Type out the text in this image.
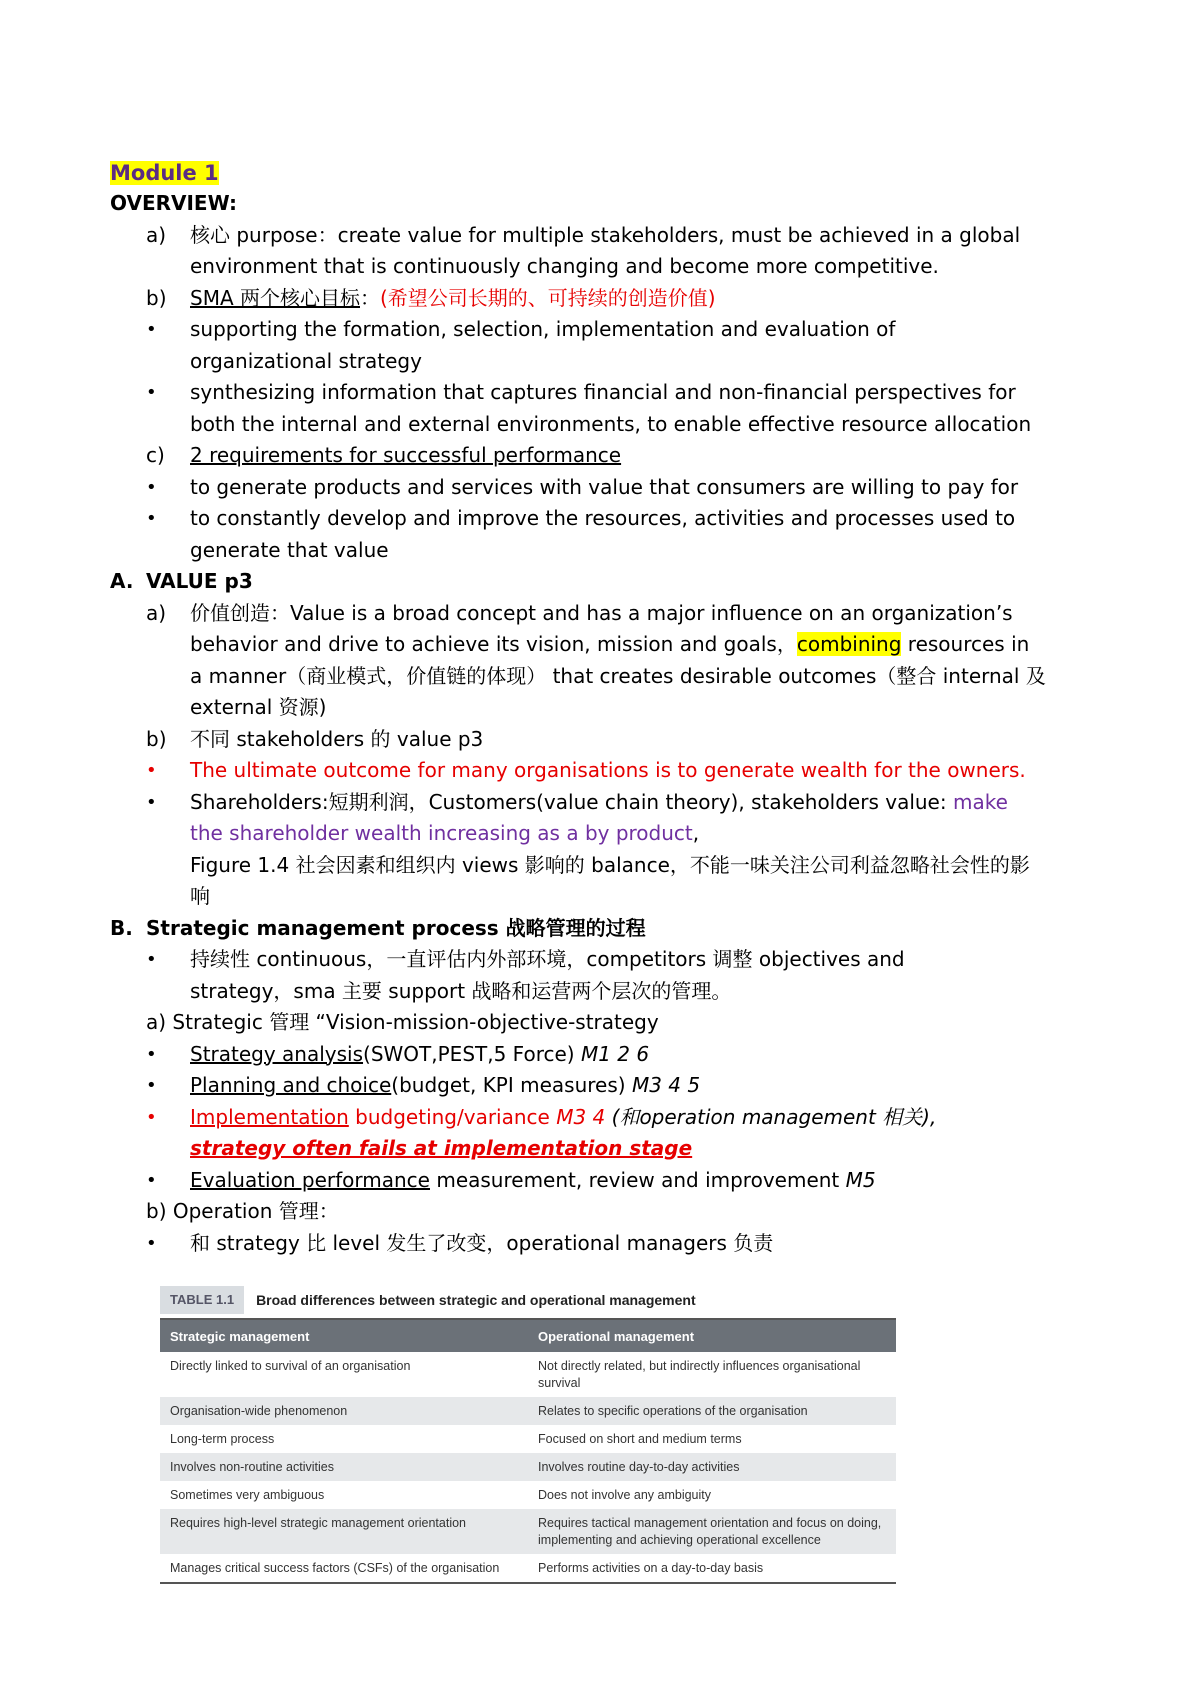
Module 1
OVERVIEW:
a)	核心 purpose：create value for multiple stakeholders, must be achieved in a global
environment that is continuously changing and become more competitive.
b)	SMA 两个核心目标：(希望公司长期的、可持续的创造价值)
•	supporting the formation, selection, implementation and evaluation of
organizational strategy
•	synthesizing information that captures financial and non-financial perspectives for
both the internal and external environments, to enable effective resource allocation
c)	2 requirements for successful performance
•	to generate products and services with value that consumers are willing to pay for
•	to constantly develop and improve the resources, activities and processes used to
generate that value
A. VALUE p3
a)	价值创造：Value is a broad concept and has a major influence on an organization’s
behavior and drive to achieve its vision, mission and goals，combining resources in
a manner（商业模式，价值链的体现） that creates desirable outcomes（整合 internal 及
external 资源)
b)	不同 stakeholders 的 value p3
•	The ultimate outcome for many organisations is to generate wealth for the owners.
•	Shareholders:短期利润，Customers(value chain theory), stakeholders value: make
the shareholder wealth increasing as a by product,
Figure 1.4 社会因素和组织内 views 影响的 balance，不能一味关注公司利益忽略社会性的影
响
B. Strategic management process 战略管理的过程
•	持续性 continuous，一直评估内外部环境，competitors 调整 objectives and
strategy，sma 主要 support 战略和运营两个层次的管理。
a) Strategic 管理 “Vision-mission-objective-strategy
•	Strategy analysis(SWOT,PEST,5 Force) M1 2 6
•	Planning and choice(budget, KPI measures) M3 4 5
•	Implementation budgeting/variance M3 4 (和operation management 相关),
strategy often fails at implementation stage
•	Evaluation performance measurement, review and improvement M5
b) Operation 管理：
•	和 strategy 比 level 发生了改变，operational managers 负责
TABLE 1.1	Broad differences between strategic and operational management
Strategic management	Operational management
Directly linked to survival of an organisation	Not directly related, but indirectly influences organisational survival
Organisation-wide phenomenon	Relates to specific operations of the organisation
Long-term process	Focused on short and medium terms
Involves non-routine activities	Involves routine day-to-day activities
Sometimes very ambiguous	Does not involve any ambiguity
Requires high-level strategic management orientation	Requires tactical management orientation and focus on doing, implementing and achieving operational excellence
Manages critical success factors (CSFs) of the organisation	Performs activities on a day-to-day basis
